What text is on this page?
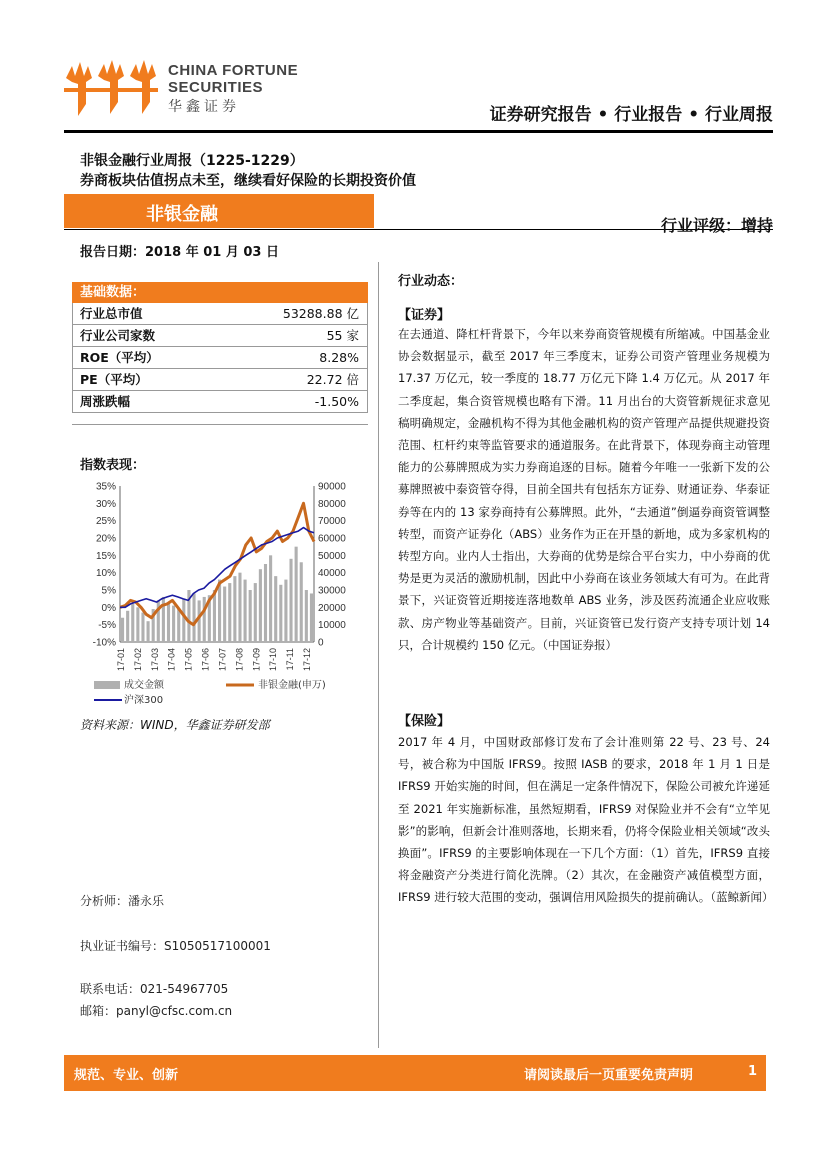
CHINA FORTUNE
SECURITIES
华鑫证券	证券研究报告 • 行业报告 • 行业周报
非银金融行业周报（1225-1229）
券商板块估值拐点未至，继续看好保险的长期投资价值
非银金融
行业评级：增持
报告日期：2018 年 01 月 03 日
基础数据：
行业总市值	53288.88 亿
行业公司家数	55 家
ROE（平均）	8.28%
PE（平均）	22.72 倍
周涨跌幅	-1.50%
指数表现：
35%
30%
25%
20%
15%
10%
5%
0%
-5%
-10%
90000
80000
70000
60000
50000
40000
30000
20000
10000
0
17-01 17-02 17-03 17-04 17-05 17-06 17-07 17-08 17-09 17-10 17-11 17-12
成交金额	非银金融(申万)
沪深300
资料来源：WIND，华鑫证券研发部
分析师：潘永乐
执业证书编号：S1050517100001
联系电话：021-54967705
邮箱：panyl@cfsc.com.cn
行业动态：
【证券】
在去通道、降杠杆背景下，今年以来券商资管规模有所缩减。中国基金业协会数据显示，截至 2017 年三季度末，证券公司资产管理业务规模为 17.37 万亿元，较一季度的 18.77 万亿元下降 1.4 万亿元。从 2017 年二季度起，集合资管规模也略有下滑。11 月出台的大资管新规征求意见稿明确规定，金融机构不得为其他金融机构的资产管理产品提供规避投资范围、杠杆约束等监管要求的通道服务。在此背景下，体现券商主动管理能力的公募牌照成为实力券商追逐的目标。随着今年唯一一张新下发的公募牌照被中泰资管夺得，目前全国共有包括东方证券、财通证券、华泰证券等在内的 13 家券商持有公募牌照。此外，“去通道”倒逼券商资管调整转型，而资产证券化（ABS）业务作为正在开垦的新地，成为多家机构的转型方向。业内人士指出，大券商的优势是综合平台实力，中小券商的优势是更为灵活的激励机制，因此中小券商在该业务领域大有可为。在此背景下，兴证资管近期接连落地数单 ABS 业务，涉及医药流通企业应收账款、房产物业等基础资产。目前，兴证资管已发行资产支持专项计划 14 只，合计规模约 150 亿元。（中国证券报）
【保险】
2017 年 4 月，中国财政部修订发布了会计准则第 22 号、23 号、24 号，被合称为中国版 IFRS9。按照 IASB 的要求，2018 年 1 月 1 日是 IFRS9 开始实施的时间，但在满足一定条件情况下，保险公司被允许递延至 2021 年实施新标准，虽然短期看，IFRS9 对保险业并不会有“立竿见影”的影响，但新会计准则落地，长期来看，仍将令保险业相关领域“改头换面”。IFRS9 的主要影响体现在一下几个方面：（1）首先，IFRS9 直接将金融资产分类进行简化洗牌。（2）其次，在金融资产减值模型方面，IFRS9 进行较大范围的变动，强调信用风险损失的提前确认。（蓝鲸新闻）
规范、专业、创新	请阅读最后一页重要免责声明	1
